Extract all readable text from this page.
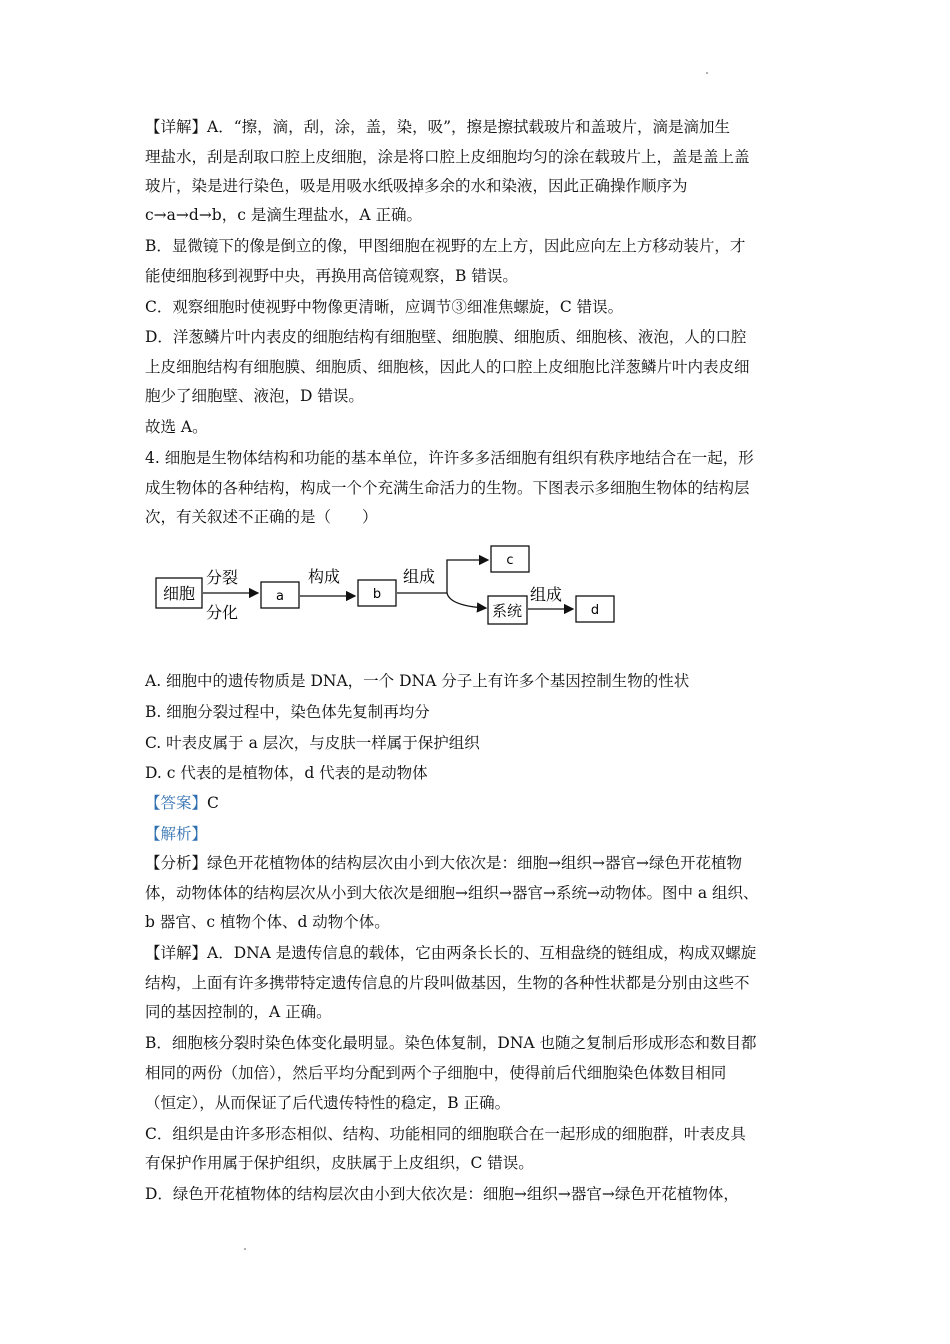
【详解】A．“擦，滴，刮，涂，盖，染，吸”，擦是擦拭载玻片和盖玻片，滴是滴加生
理盐水，刮是刮取口腔上皮细胞，涂是将口腔上皮细胞均匀的涂在载玻片上，盖是盖上盖
玻片，染是进行染色，吸是用吸水纸吸掉多余的水和染液，因此正确操作顺序为
c→a→d→b，c 是滴生理盐水，A 正确。
B．显微镜下的像是倒立的像，甲图细胞在视野的左上方，因此应向左上方移动装片，才
能使细胞移到视野中央，再换用高倍镜观察，B 错误。
C．观察细胞时使视野中物像更清晰，应调节③细准焦螺旋，C 错误。
D．洋葱鳞片叶内表皮的细胞结构有细胞壁、细胞膜、细胞质、细胞核、液泡，人的口腔
上皮细胞结构有细胞膜、细胞质、细胞核，因此人的口腔上皮细胞比洋葱鳞片叶内表皮细
胞少了细胞壁、液泡，D 错误。
故选 A。
4. 细胞是生物体结构和功能的基本单位，许许多多活细胞有组织有秩序地结合在一起，形
成生物体的各种结构，构成一个个充满生命活力的生物。下图表示多细胞生物体的结构层
次，有关叙述不正确的是（　　）
细胞
分裂
分化
a
构成
b
组成
c
系统
组成
d
A. 细胞中的遗传物质是 DNA，一个 DNA 分子上有许多个基因控制生物的性状
B. 细胞分裂过程中，染色体先复制再均分
C. 叶表皮属于 a 层次，与皮肤一样属于保护组织
D. c 代表的是植物体，d 代表的是动物体
【答案】C
【解析】
【分析】绿色开花植物体的结构层次由小到大依次是：细胞→组织→器官→绿色开花植物
体，动物体体的结构层次从小到大依次是细胞→组织→器官→系统→动物体。图中 a 组织、
b 器官、c 植物个体、d 动物个体。
【详解】A．DNA 是遗传信息的载体，它由两条长长的、互相盘绕的链组成，构成双螺旋
结构，上面有许多携带特定遗传信息的片段叫做基因，生物的各种性状都是分别由这些不
同的基因控制的，A 正确。
B．细胞核分裂时染色体变化最明显。染色体复制，DNA 也随之复制后形成形态和数目都
相同的两份（加倍），然后平均分配到两个子细胞中，使得前后代细胞染色体数目相同
（恒定），从而保证了后代遗传特性的稳定，B 正确。
C．组织是由许多形态相似、结构、功能相同的细胞联合在一起形成的细胞群，叶表皮具
有保护作用属于保护组织，皮肤属于上皮组织，C 错误。
D．绿色开花植物体的结构层次由小到大依次是：细胞→组织→器官→绿色开花植物体，
